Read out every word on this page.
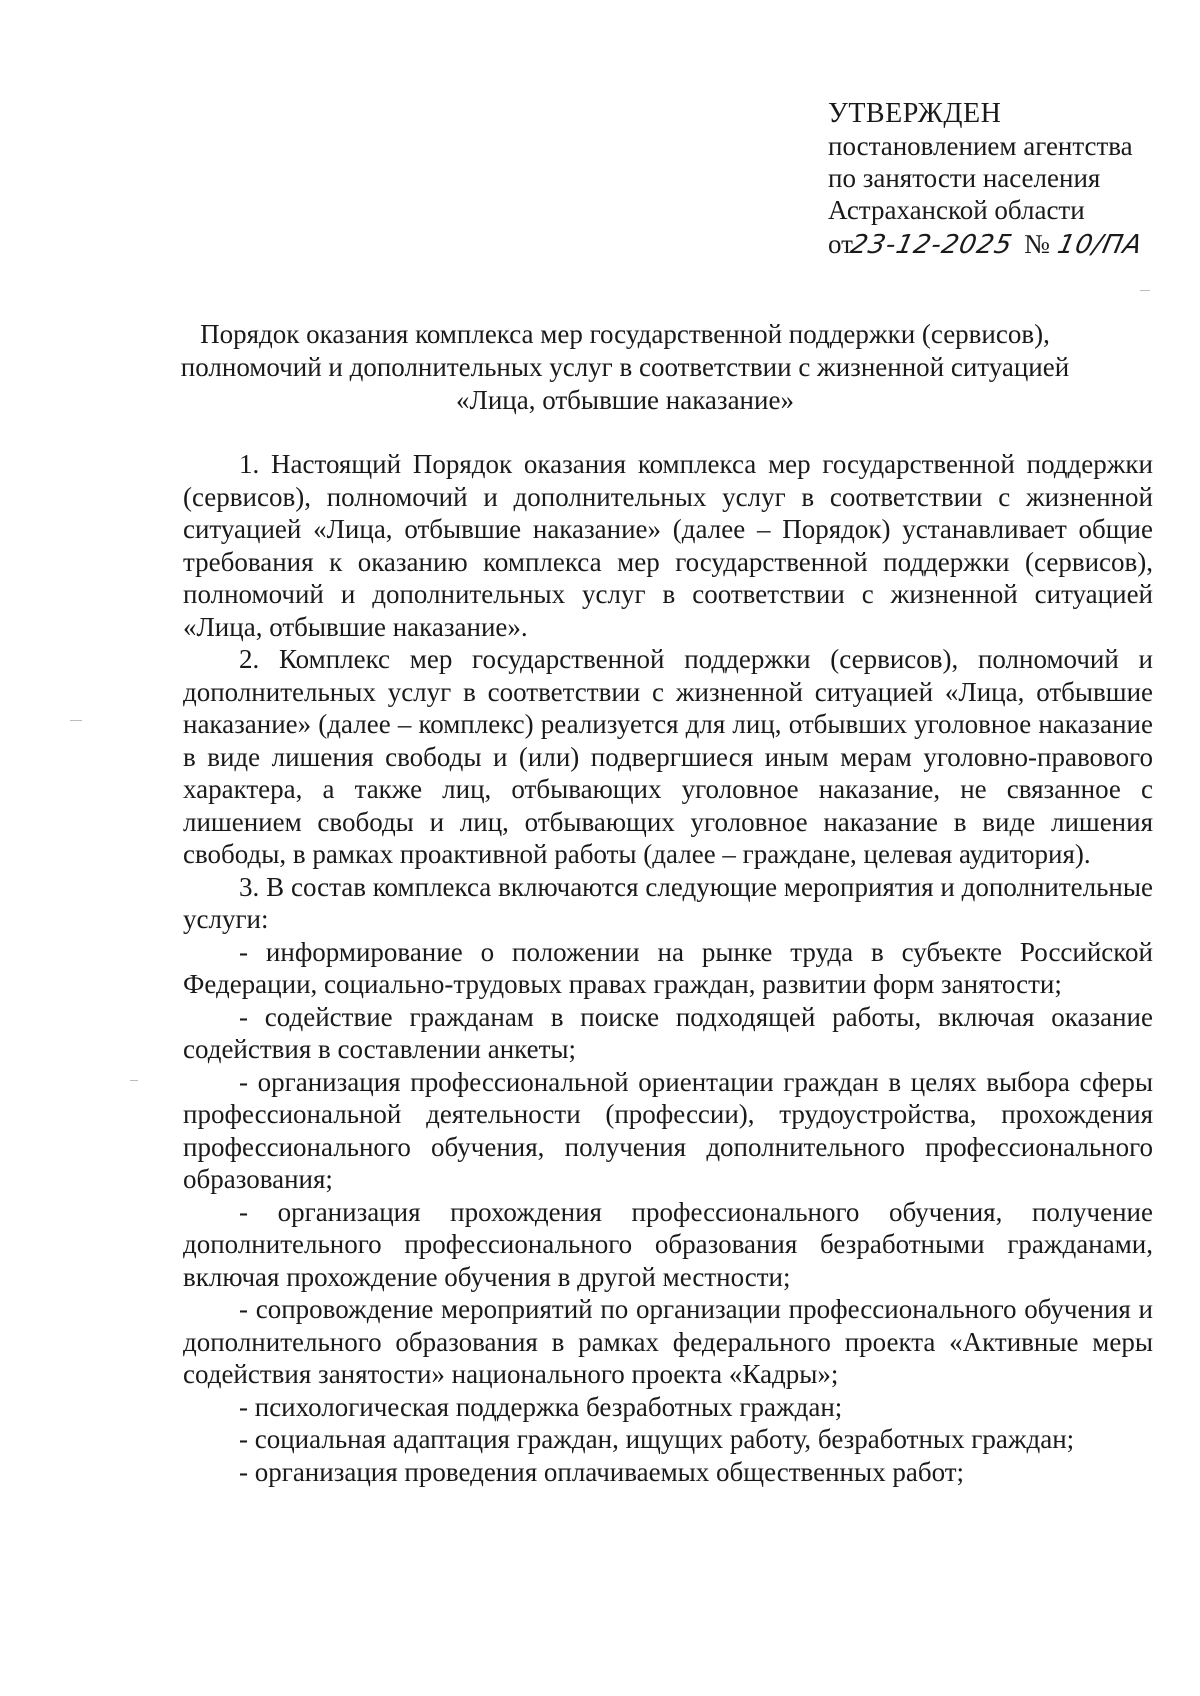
УТВЕРЖДЕН
постановлением агентства
по занятости населения
Астраханской области
от23-12-2025 № 10/ПА
Порядок оказания комплекса мер государственной поддержки (сервисов),
полномочий и дополнительных услуг в соответствии с жизненной ситуацией
«Лица, отбывшие наказание»

1. Настоящий Порядок оказания комплекса мер государственной поддержки (сервисов), полномочий и дополнительных услуг в соответствии с жизненной ситуацией «Лица, отбывшие наказание» (далее – Порядок) устанавливает общие требования к оказанию комплекса мер государственной поддержки (сервисов), полномочий и дополнительных услуг в соответствии с жизненной ситуацией «Лица, отбывшие наказание».

2. Комплекс мер государственной поддержки (сервисов), полномочий и дополнительных услуг в соответствии с жизненной ситуацией «Лица, отбывшие наказание» (далее – комплекс) реализуется для лиц, отбывших уголовное наказание в виде лишения свободы и (или) подвергшиеся иным мерам уголовно-правового характера, а также лиц, отбывающих уголовное наказание, не связанное с лишением свободы и лиц, отбывающих уголовное наказание в виде лишения свободы, в рамках проактивной работы (далее – граждане, целевая аудитория).

3. В состав комплекса включаются следующие мероприятия и дополнительные услуги:

- информирование о положении на рынке труда в субъекте Российской Федерации, социально-трудовых правах граждан, развитии форм занятости;

- содействие гражданам в поиске подходящей работы, включая оказание содействия в составлении анкеты;

- организация профессиональной ориентации граждан в целях выбора сферы профессиональной деятельности (профессии), трудоустройства, прохождения профессионального обучения, получения дополнительного профессионального образования;

- организация прохождения профессионального обучения, получение дополнительного профессионального образования безработными гражданами, включая прохождение обучения в другой местности;

- сопровождение мероприятий по организации профессионального обучения и дополнительного образования в рамках федерального проекта «Активные меры содействия занятости» национального проекта «Кадры»;

- психологическая поддержка безработных граждан;

- социальная адаптация граждан, ищущих работу, безработных граждан;

- организация проведения оплачиваемых общественных работ;
